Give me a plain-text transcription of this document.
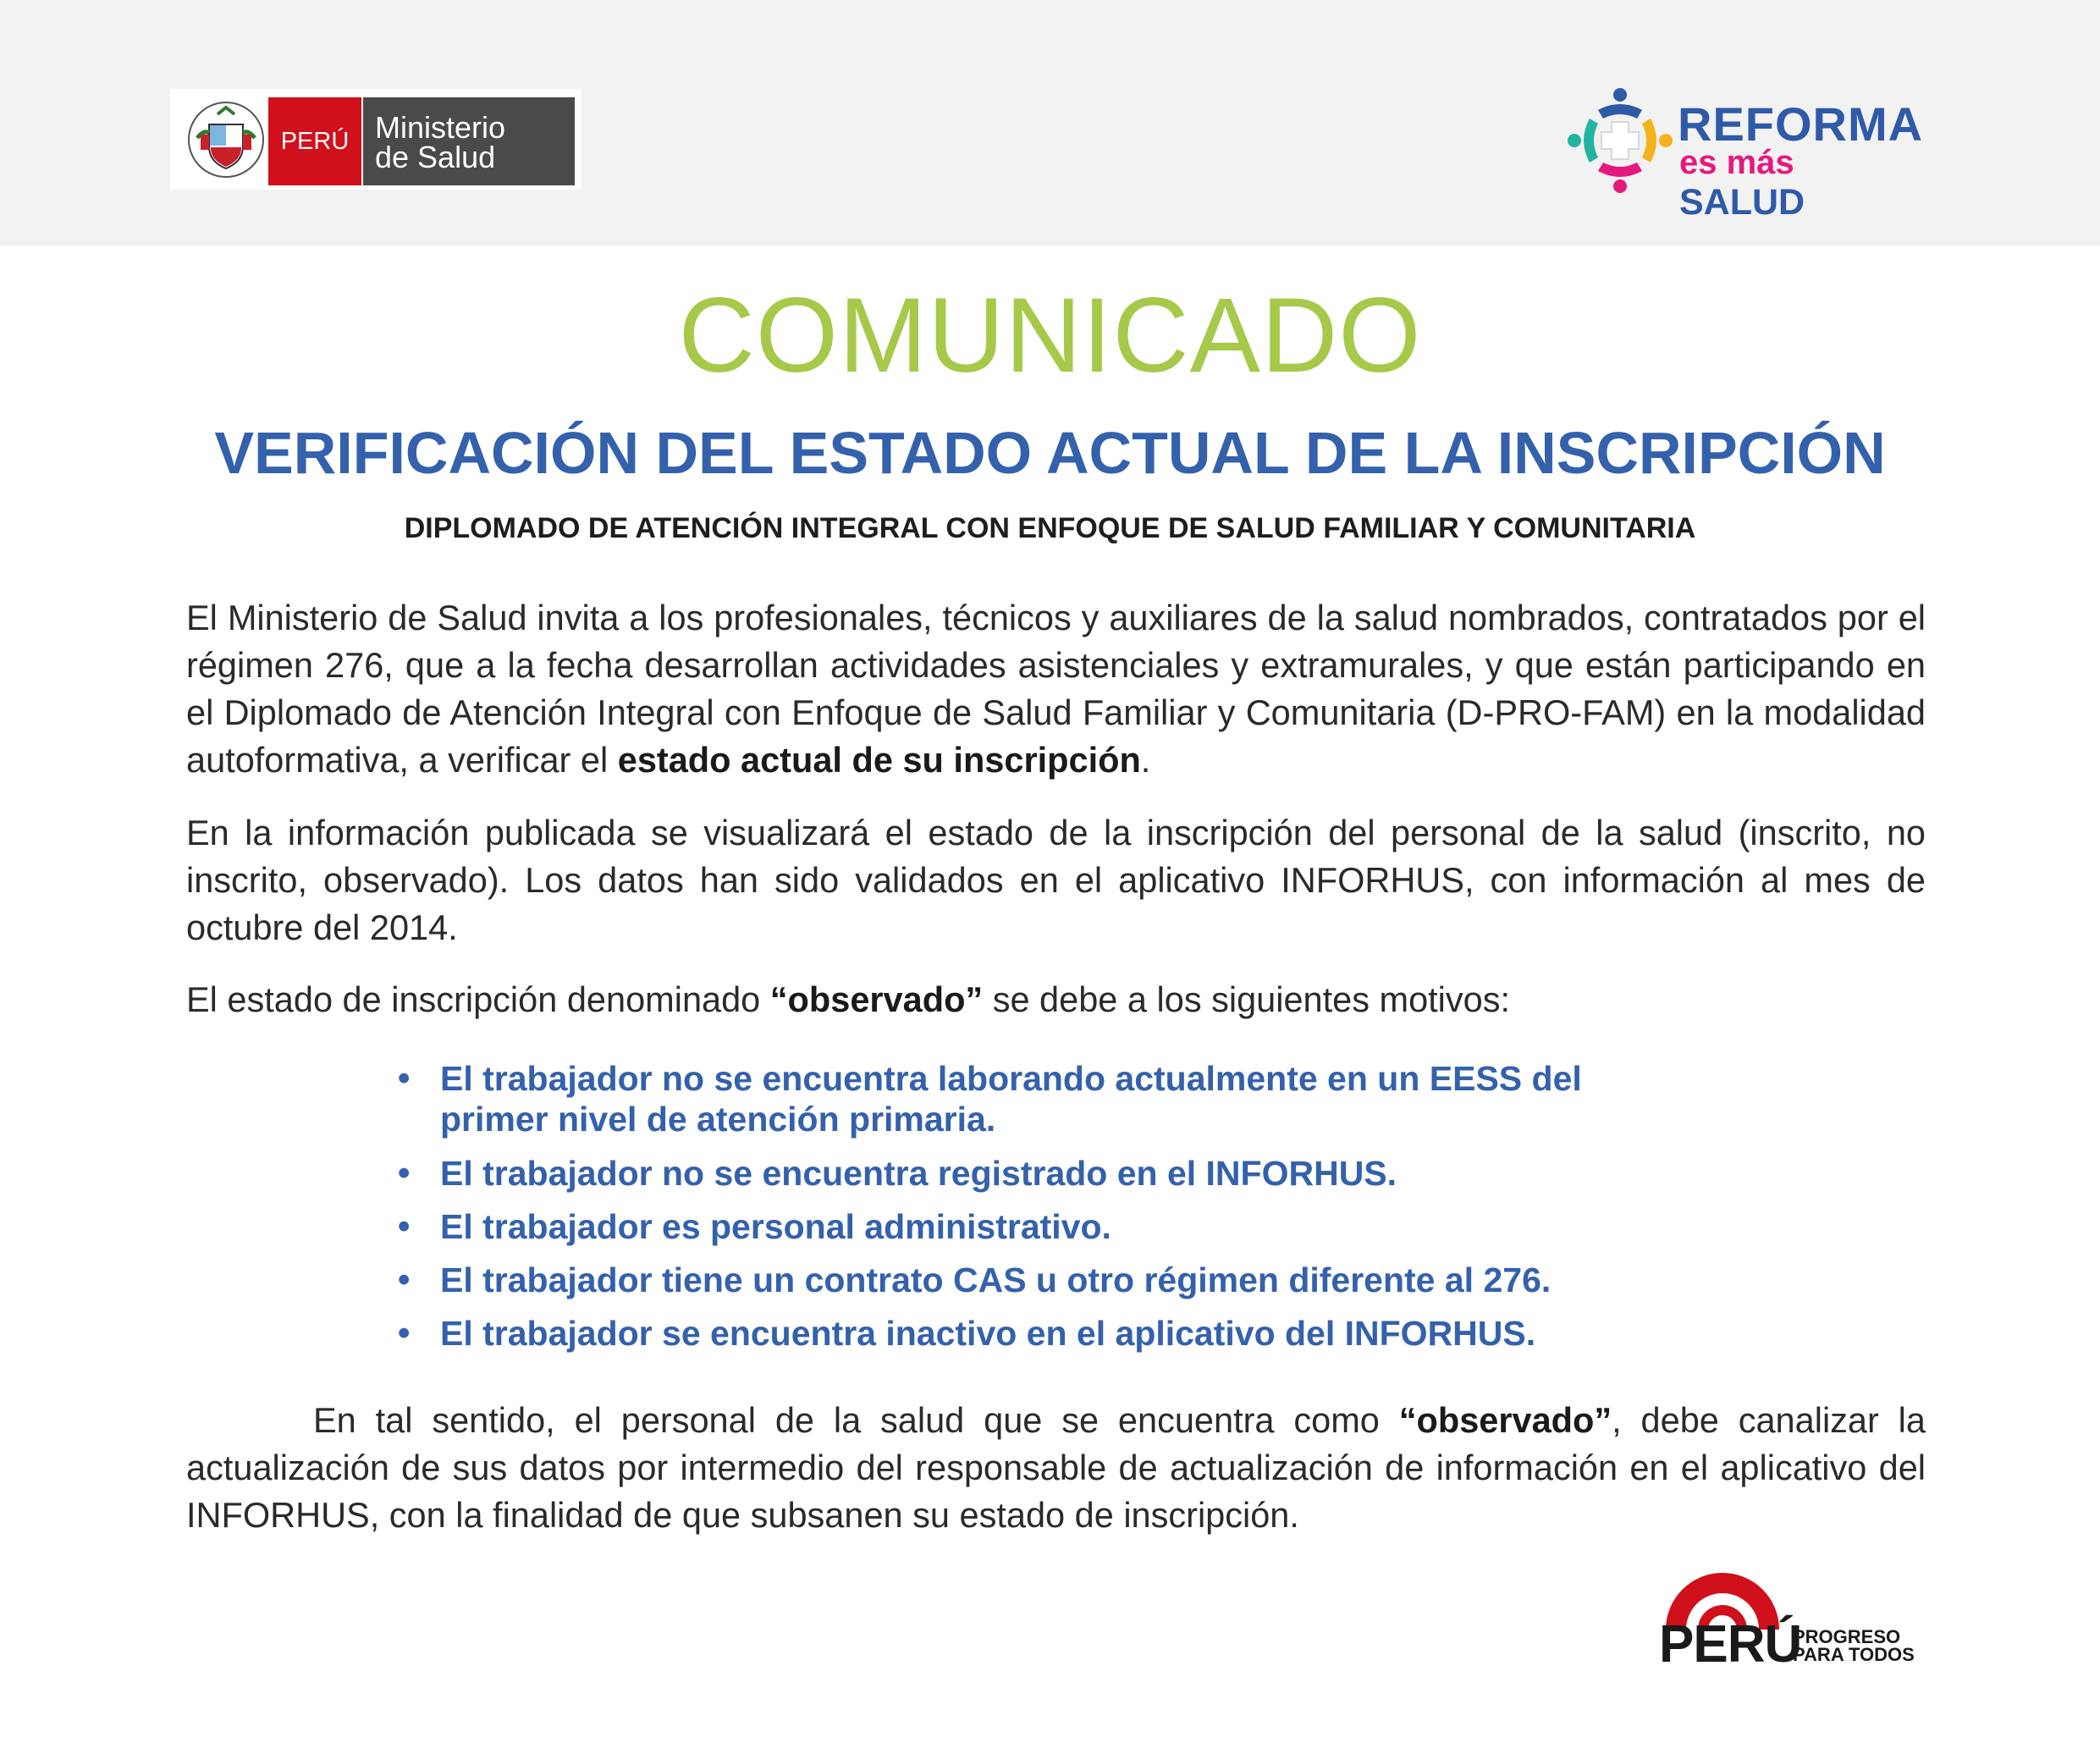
PERÚ Ministerio
de Salud
REFORMA
es más SALUD
COMUNICADO
VERIFICACIÓN DEL ESTADO ACTUAL DE LA INSCRIPCIÓN
DIPLOMADO DE ATENCIÓN INTEGRAL CON ENFOQUE DE SALUD FAMILIAR Y COMUNITARIA
El Ministerio de Salud invita a los profesionales, técnicos y auxiliares de la salud nombrados, contratados por el régimen 276, que a la fecha desarrollan actividades asistenciales y extramurales, y que están participando en el Diplomado de Atención Integral con Enfoque de Salud Familiar y Comunitaria (D-PRO-FAM) en la modalidad autoformativa, a verificar el estado actual de su inscripción.
En la información publicada se visualizará el estado de la inscripción del personal de la salud (inscrito, no inscrito, observado). Los datos han sido validados en el aplicativo INFORHUS, con información al mes de octubre del 2014.
El estado de inscripción denominado “observado” se debe a los siguientes motivos:
• El trabajador no se encuentra laborando actualmente en un EESS del primer nivel de atención primaria.
• El trabajador no se encuentra registrado en el INFORHUS.
• El trabajador es personal administrativo.
• El trabajador tiene un contrato CAS u otro régimen diferente al 276.
• El trabajador se encuentra inactivo en el aplicativo del INFORHUS.
En tal sentido, el personal de la salud que se encuentra como “observado”, debe canalizar la actualización de sus datos por intermedio del responsable de actualización de información en el aplicativo del INFORHUS, con la finalidad de que subsanen su estado de inscripción.
PERÚ
PROGRESO
PARA TODOS
